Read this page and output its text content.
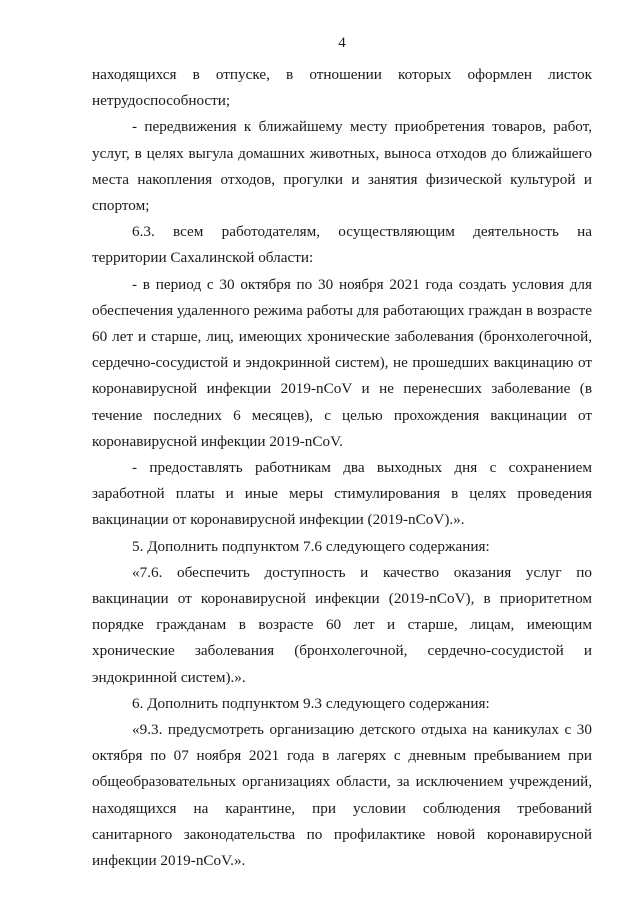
4

находящихся в отпуске, в отношении которых оформлен листок нетрудоспособности;

- передвижения к ближайшему месту приобретения товаров, работ, услуг, в целях выгула домашних животных, выноса отходов до ближайшего места накопления отходов, прогулки и занятия физической культурой и спортом;

6.3. всем работодателям, осуществляющим деятельность на территории Сахалинской области:

- в период с 30 октября по 30 ноября 2021 года создать условия для обеспечения удаленного режима работы для работающих граждан в возрасте 60 лет и старше, лиц, имеющих хронические заболевания (бронхолегочной, сердечно-сосудистой и эндокринной систем), не прошедших вакцинацию от коронавирусной инфекции 2019-nCoV и не перенесших заболевание (в течение последних 6 месяцев), с целью прохождения вакцинации от коронавирусной инфекции 2019-nCoV.

- предоставлять работникам два выходных дня с сохранением заработной платы и иные меры стимулирования в целях проведения вакцинации от коронавирусной инфекции (2019-nCoV).».

5. Дополнить подпунктом 7.6 следующего содержания:

«7.6. обеспечить доступность и качество оказания услуг по вакцинации от коронавирусной инфекции (2019-nCoV), в приоритетном порядке гражданам в возрасте 60 лет и старше, лицам, имеющим хронические заболевания (бронхолегочной, сердечно-сосудистой и эндокринной систем).».

6. Дополнить подпунктом 9.3 следующего содержания:

«9.3. предусмотреть организацию детского отдыха на каникулах с 30 октября по 07 ноября 2021 года в лагерях с дневным пребыванием при общеобразовательных организациях области, за исключением учреждений, находящихся на карантине, при условии соблюдения требований санитарного законодательства по профилактике новой коронавирусной инфекции 2019-nCoV.».
